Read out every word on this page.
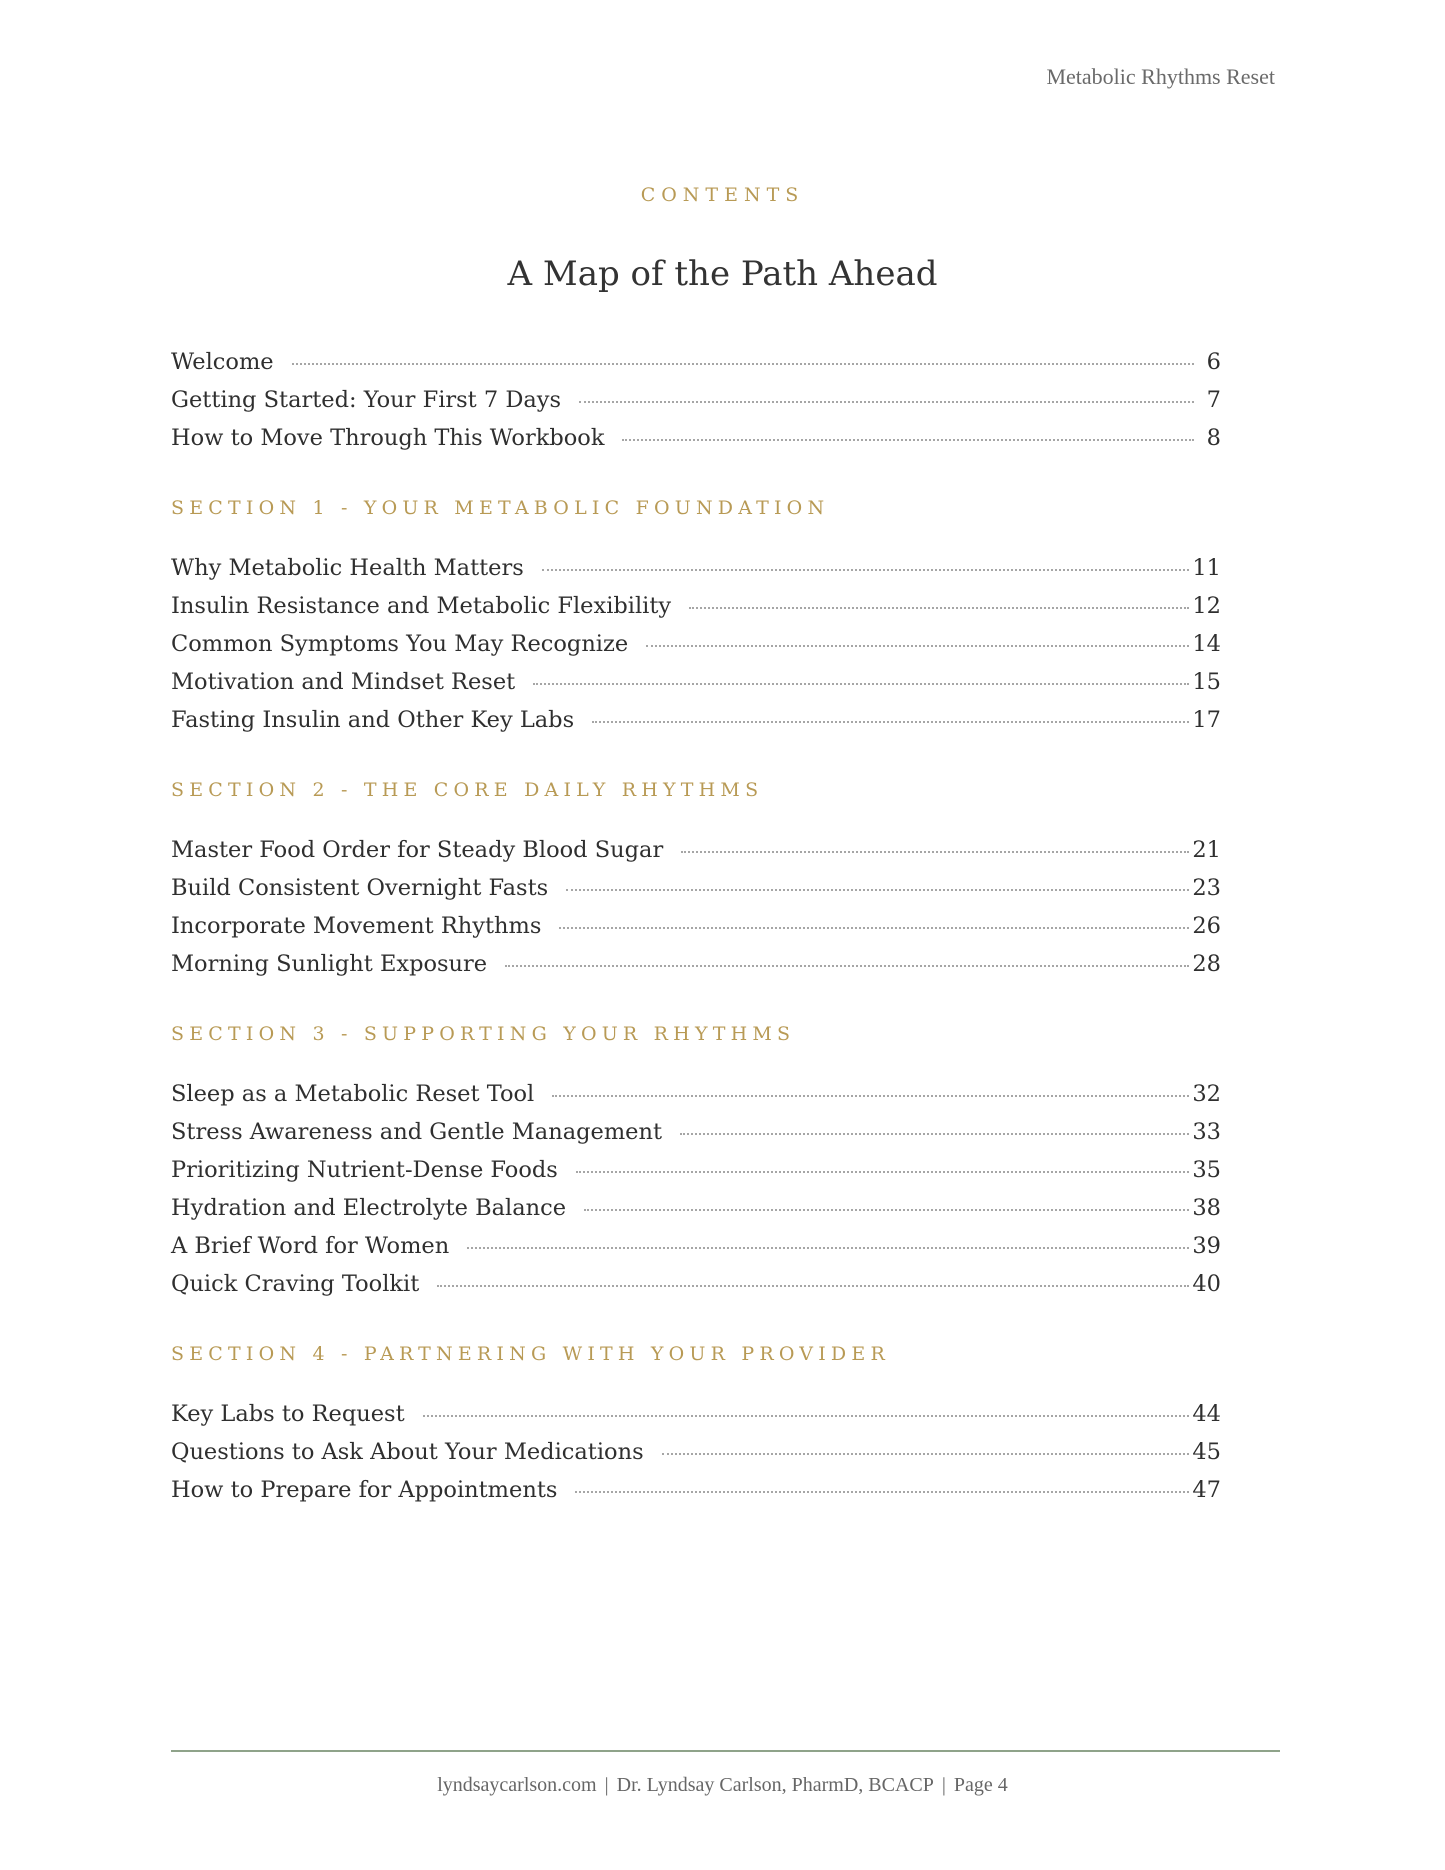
Metabolic Rhythms Reset
CONTENTS
A Map of the Path Ahead
Welcome	6
Getting Started: Your First 7 Days	7
How to Move Through This Workbook	8
SECTION 1 - YOUR METABOLIC FOUNDATION
Why Metabolic Health Matters	11
Insulin Resistance and Metabolic Flexibility	12
Common Symptoms You May Recognize	14
Motivation and Mindset Reset	15
Fasting Insulin and Other Key Labs	17
SECTION 2 - THE CORE DAILY RHYTHMS
Master Food Order for Steady Blood Sugar	21
Build Consistent Overnight Fasts	23
Incorporate Movement Rhythms	26
Morning Sunlight Exposure	28
SECTION 3 - SUPPORTING YOUR RHYTHMS
Sleep as a Metabolic Reset Tool	32
Stress Awareness and Gentle Management	33
Prioritizing Nutrient-Dense Foods	35
Hydration and Electrolyte Balance	38
A Brief Word for Women	39
Quick Craving Toolkit	40
SECTION 4 - PARTNERING WITH YOUR PROVIDER
Key Labs to Request	44
Questions to Ask About Your Medications	45
How to Prepare for Appointments	47
lyndsaycarlson.com | Dr. Lyndsay Carlson, PharmD, BCACP | Page 4
